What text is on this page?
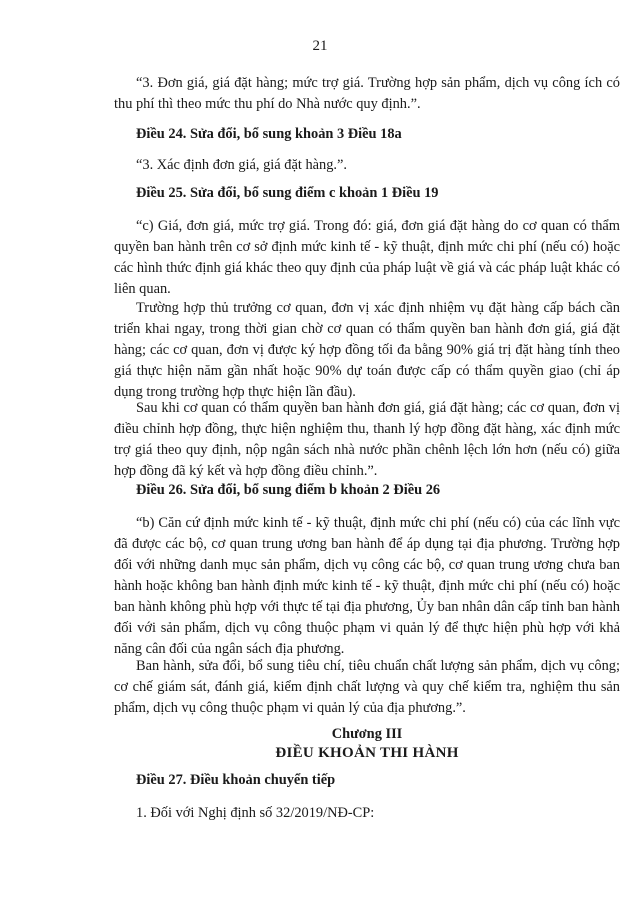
21

“3. Đơn giá, giá đặt hàng; mức trợ giá. Trường hợp sản phẩm, dịch vụ công ích có thu phí thì theo mức thu phí do Nhà nước quy định.”.

Điều 24. Sửa đổi, bổ sung khoản 3 Điều 18a

“3. Xác định đơn giá, giá đặt hàng.”.

Điều 25. Sửa đổi, bổ sung điểm c khoản 1 Điều 19

“c) Giá, đơn giá, mức trợ giá. Trong đó: giá, đơn giá đặt hàng do cơ quan có thẩm quyền ban hành trên cơ sở định mức kinh tế - kỹ thuật, định mức chi phí (nếu có) hoặc các hình thức định giá khác theo quy định của pháp luật về giá và các pháp luật khác có liên quan.

Trường hợp thủ trưởng cơ quan, đơn vị xác định nhiệm vụ đặt hàng cấp bách cần triển khai ngay, trong thời gian chờ cơ quan có thẩm quyền ban hành đơn giá, giá đặt hàng; các cơ quan, đơn vị được ký hợp đồng tối đa bằng 90% giá trị đặt hàng tính theo giá thực hiện năm gần nhất hoặc 90% dự toán được cấp có thẩm quyền giao (chỉ áp dụng trong trường hợp thực hiện lần đầu).

Sau khi cơ quan có thẩm quyền ban hành đơn giá, giá đặt hàng; các cơ quan, đơn vị điều chỉnh hợp đồng, thực hiện nghiệm thu, thanh lý hợp đồng đặt hàng, xác định mức trợ giá theo quy định, nộp ngân sách nhà nước phần chênh lệch lớn hơn (nếu có) giữa hợp đồng đã ký kết và hợp đồng điều chỉnh.”.

Điều 26. Sửa đổi, bổ sung điểm b khoản 2 Điều 26

“b) Căn cứ định mức kinh tế - kỹ thuật, định mức chi phí (nếu có) của các lĩnh vực đã được các bộ, cơ quan trung ương ban hành để áp dụng tại địa phương. Trường hợp đối với những danh mục sản phẩm, dịch vụ công các bộ, cơ quan trung ương chưa ban hành hoặc không ban hành định mức kinh tế - kỹ thuật, định mức chi phí (nếu có) hoặc ban hành không phù hợp với thực tế tại địa phương, Ủy ban nhân dân cấp tỉnh ban hành đối với sản phẩm, dịch vụ công thuộc phạm vi quản lý để thực hiện phù hợp với khả năng cân đối của ngân sách địa phương.

Ban hành, sửa đổi, bổ sung tiêu chí, tiêu chuẩn chất lượng sản phẩm, dịch vụ công; cơ chế giám sát, đánh giá, kiểm định chất lượng và quy chế kiểm tra, nghiệm thu sản phẩm, dịch vụ công thuộc phạm vi quản lý của địa phương.”.

Chương III

ĐIỀU KHOẢN THI HÀNH

Điều 27. Điều khoản chuyển tiếp

1. Đối với Nghị định số 32/2019/NĐ-CP:
